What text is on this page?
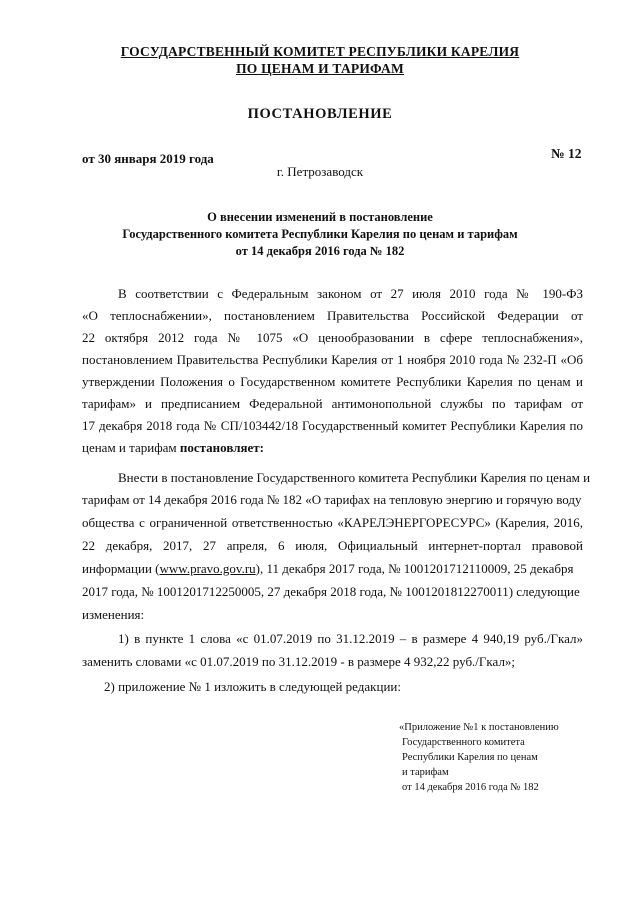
ГОСУДАРСТВЕННЫЙ КОМИТЕТ РЕСПУБЛИКИ КАРЕЛИЯ
ПО ЦЕНАМ И ТАРИФАМ
ПОСТАНОВЛЕНИЕ
от 30 января 2019 года	№ 12
г. Петрозаводск
О внесении изменений в постановление
Государственного комитета Республики Карелия по ценам и тарифам
от 14 декабря 2016 года № 182
В соответствии с Федеральным законом от 27 июля 2010 года № 190-ФЗ
«О теплоснабжении», постановлением Правительства Российской Федерации от
22 октября 2012 года № 1075 «О ценообразовании в сфере теплоснабжения»,
постановлением Правительства Республики Карелия от 1 ноября 2010 года № 232-П «Об
утверждении Положения о Государственном комитете Республики Карелия по ценам и
тарифам» и предписанием Федеральной антимонопольной службы по тарифам от
17 декабря 2018 года № СП/103442/18 Государственный комитет Республики Карелия по
ценам и тарифам постановляет:
Внести в постановление Государственного комитета Республики Карелия по ценам и
тарифам от 14 декабря 2016 года № 182 «О тарифах на тепловую энергию и горячую воду
общества с ограниченной ответственностью «КАРЕЛЭНЕРГОРЕСУРС» (Карелия, 2016,
22 декабря, 2017, 27 апреля, 6 июля, Официальный интернет-портал правовой
информации (www.pravo.gov.ru), 11 декабря 2017 года, № 1001201712110009, 25 декабря
2017 года, № 1001201712250005, 27 декабря 2018 года, № 1001201812270011) следующие
изменения:
1) в пункте 1 слова «с 01.07.2019 по 31.12.2019 – в размере 4 940,19 руб./Гкал»
заменить словами «с 01.07.2019 по 31.12.2019 - в размере 4 932,22 руб./Гкал»;
2) приложение № 1 изложить в следующей редакции:
«Приложение №1 к постановлению
Государственного комитета
Республики Карелия по ценам
и тарифам
от 14 декабря 2016 года № 182
